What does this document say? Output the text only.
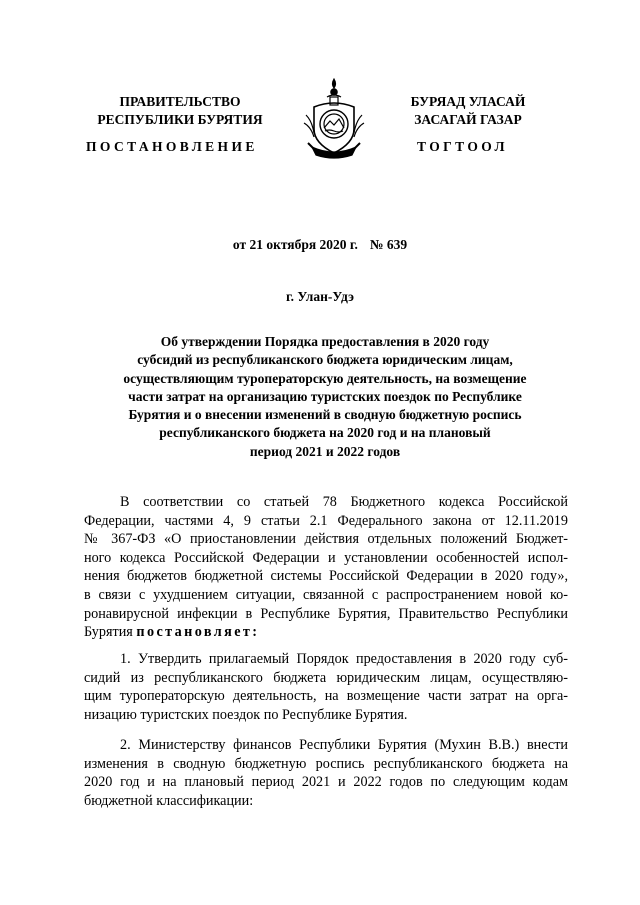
ПРАВИТЕЛЬСТВО
РЕСПУБЛИКИ БУРЯТИЯ
БУРЯАД УЛАСАЙ
ЗАСАГАЙ ГАЗАР
ПОСТАНОВЛЕНИЕ	ТОГТООЛ
от 21 октября 2020 г. № 639
г. Улан-Удэ
Об утверждении Порядка предоставления в 2020 году
субсидий из республиканского бюджета юридическим лицам,
осуществляющим туроператорскую деятельность, на возмещение
части затрат на организацию туристских поездок по Республике
Бурятия и о внесении изменений в сводную бюджетную роспись
республиканского бюджета на 2020 год и на плановый
период 2021 и 2022 годов
В соответствии со статьей 78 Бюджетного кодекса Российской
Федерации, частями 4, 9 статьи 2.1 Федерального закона от 12.11.2019
№ 367-ФЗ «О приостановлении действия отдельных положений Бюджет-
ного кодекса Российской Федерации и установлении особенностей испол-
нения бюджетов бюджетной системы Российской Федерации в 2020 году»,
в связи с ухудшением ситуации, связанной с распространением новой ко-
ронавирусной инфекции в Республике Бурятия, Правительство Республики
Бурятия постановляет:
1. Утвердить прилагаемый Порядок предоставления в 2020 году суб-
сидий из республиканского бюджета юридическим лицам, осуществляю-
щим туроператорскую деятельность, на возмещение части затрат на орга-
низацию туристских поездок по Республике Бурятия.
2. Министерству финансов Республики Бурятия (Мухин В.В.) внести
изменения в сводную бюджетную роспись республиканского бюджета на
2020 год и на плановый период 2021 и 2022 годов по следующим кодам
бюджетной классификации:
